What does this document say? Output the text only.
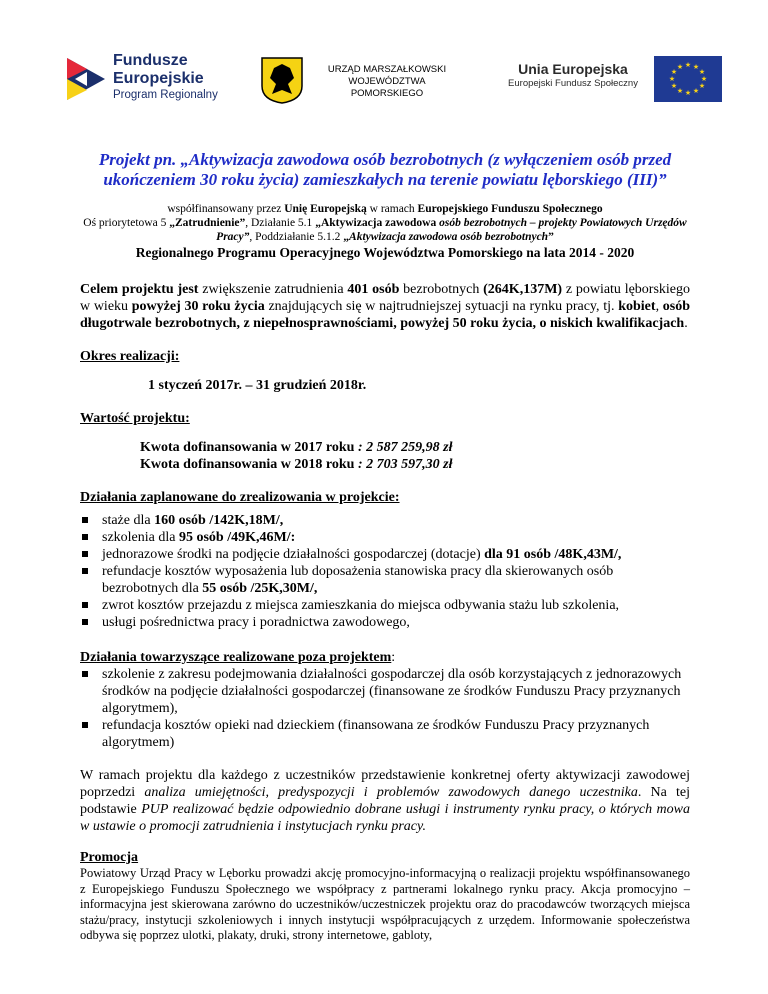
Fundusze
Europejskie
Program Regionalny
URZĄD MARSZAŁKOWSKI
WOJEWÓDZTWA POMORSKIEGO
Unia Europejska
Europejski Fundusz Społeczny
★ ★
★
★
★
★
★
★
★
★
★
★
Projekt pn. „Aktywizacja zawodowa osób bezrobotnych (z wyłączeniem osób przed ukończeniem 30 roku życia) zamieszkałych na terenie powiatu lęborskiego (III)”
współfinansowany przez Unię Europejską w ramach Europejskiego Funduszu Społecznego
Oś priorytetowa 5 „Zatrudnienie”, Działanie 5.1 „Aktywizacja zawodowa osób bezrobotnych – projekty Powiatowych Urzędów Pracy”, Poddziałanie 5.1.2 „Aktywizacja zawodowa osób bezrobotnych”
Regionalnego Programu Operacyjnego Województwa Pomorskiego na lata 2014 - 2020
Celem projektu jest zwiększenie zatrudnienia 401 osób bezrobotnych (264K,137M) z powiatu lęborskiego w wieku powyżej 30 roku życia znajdujących się w najtrudniejszej sytuacji na rynku pracy, tj. kobiet, osób długotrwale bezrobotnych, z niepełnosprawnościami, powyżej 50 roku życia, o niskich kwalifikacjach.
Okres realizacji:
1 styczeń 2017r. – 31 grudzień 2018r.
Wartość projektu:
Kwota dofinansowania w 2017 roku : 2 587 259,98 zł
Kwota dofinansowania w 2018 roku : 2 703 597,30 zł
Działania zaplanowane do zrealizowania w projekcie:
staże dla 160 osób /142K,18M/,
szkolenia dla 95 osób /49K,46M/:
jednorazowe środki na podjęcie działalności gospodarczej (dotacje) dla 91 osób /48K,43M/,
refundacje kosztów wyposażenia lub doposażenia stanowiska pracy dla skierowanych osób bezrobotnych dla 55 osób /25K,30M/,
zwrot kosztów przejazdu z miejsca zamieszkania do miejsca odbywania stażu lub szkolenia,
usługi pośrednictwa pracy i poradnictwa zawodowego,
Działania towarzyszące realizowane poza projektem:
szkolenie z zakresu podejmowania działalności gospodarczej dla osób korzystających z jednorazowych środków na podjęcie działalności gospodarczej (finansowane ze środków Funduszu Pracy przyznanych algorytmem),
refundacja kosztów opieki nad dzieckiem (finansowana ze środków Funduszu Pracy przyznanych algorytmem)
W ramach projektu dla każdego z uczestników przedstawienie konkretnej oferty aktywizacji zawodowej poprzedzi analiza umiejętności, predyspozycji i problemów zawodowych danego uczestnika. Na tej podstawie PUP realizować będzie odpowiednio dobrane usługi i instrumenty rynku pracy, o których mowa w ustawie o promocji zatrudnienia i instytucjach rynku pracy.
Promocja
Powiatowy Urząd Pracy w Lęborku prowadzi akcję promocyjno-informacyjną o realizacji projektu współfinansowanego z Europejskiego Funduszu Społecznego we współpracy z partnerami lokalnego rynku pracy. Akcja promocyjno – informacyjna jest skierowana zarówno do uczestników/uczestniczek projektu oraz do pracodawców tworzących miejsca stażu/pracy, instytucji szkoleniowych i innych instytucji współpracujących z urzędem. Informowanie społeczeństwa odbywa się poprzez ulotki, plakaty, druki, strony internetowe, gabloty,
